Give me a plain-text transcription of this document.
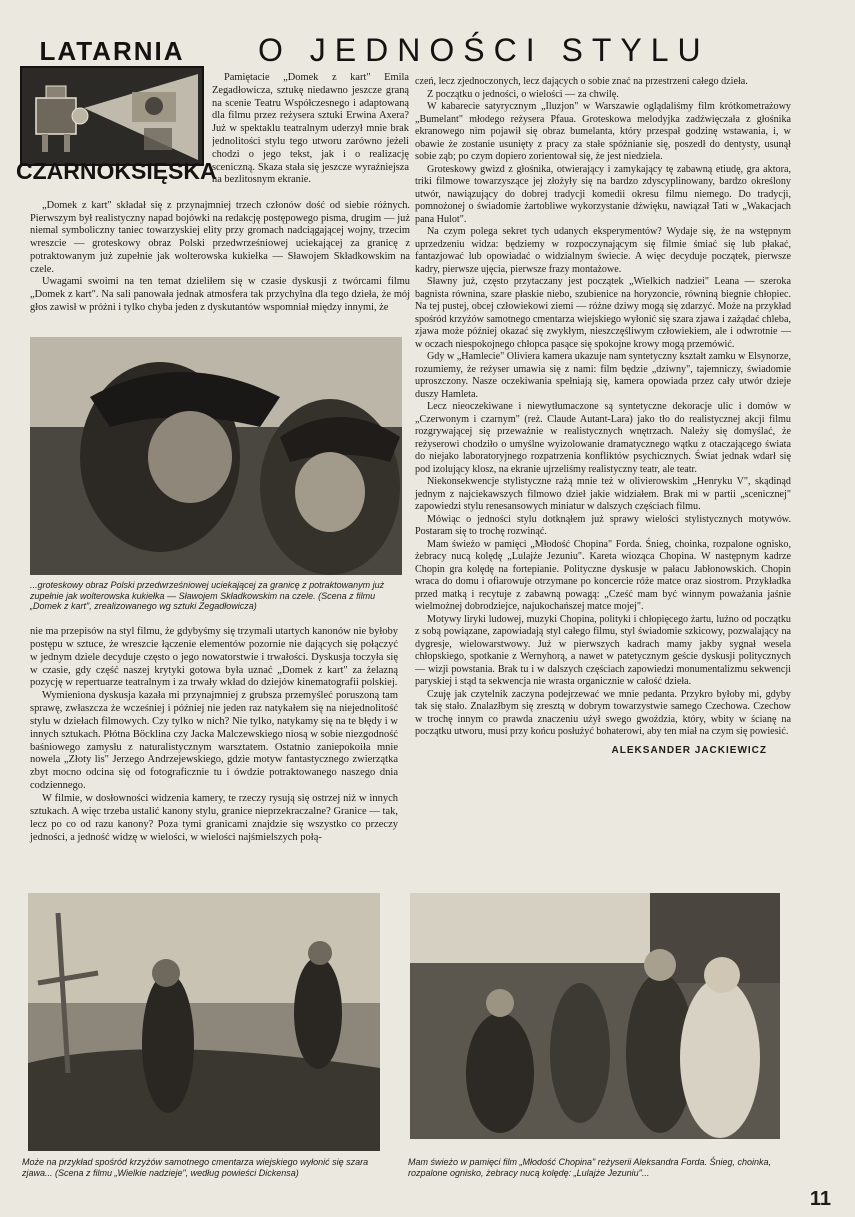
LATARNIA
CZARNOKSIĘSKA
O JEDNOŚCI STYLU

Pamiętacie „Domek z kart" Emila Zegadłowicza, sztukę niedawno jeszcze graną na scenie Teatru Współczesnego i adaptowaną dla filmu przez reżysera sztuki Erwina Axera? Już w spektaklu teatralnym uderzył mnie brak jednolitości stylu tego utworu zarówno jeżeli chodzi o jego tekst, jak i o realizację sceniczną. Skaza stała się jeszcze wyraźniejsza na bezlitosnym ekranie.

„Domek z kart" składał się z przynajmniej trzech członów dość od siebie różnych. Pierwszym był realistyczny napad bojówki na redakcję postępowego pisma, drugim — już niemal symboliczny taniec towarzyskiej elity przy gromach nadciągającej wojny, trzecim wreszcie — groteskowy obraz Polski przedwrześniowej uciekającej za granicę z potraktowanym już zupełnie jak wolterowska kukiełka — Sławojem Składkowskim na czele.

Uwagami swoimi na ten temat dzieliłem się w czasie dyskusji z twórcami filmu „Domek z kart". Na sali panowała jednak atmosfera tak przychylna dla tego dzieła, że mój głos zawisł w próżni i tylko chyba jeden z dyskutantów wspomniał między innymi, że

...groteskowy obraz Polski przedwrześniowej uciekającej za granicę z potraktowanym już zupełnie jak wolterowska kukiełka — Sławojem Składkowskim na czele. (Scena z filmu „Domek z kart", zrealizowanego wg sztuki Zegadłowicza)

nie ma przepisów na styl filmu, że gdybyśmy się trzymali utartych kanonów nie byłoby postępu w sztuce, że wreszcie łączenie elementów pozornie nie dających się połączyć w jednym dziele decyduje często o jego nowatorstwie i trwałości. Dyskusja toczyła się w czasie, gdy część naszej krytyki gotowa była uznać „Domek z kart" za żelazną pozycję w repertuarze teatralnym i za trwały wkład do dziejów kinematografii polskiej.

Wymieniona dyskusja kazała mi przynajmniej z grubsza przemyśleć poruszoną tam sprawę, zwłaszcza że wcześniej i później nie jeden raz natykałem się na niejednolitość stylu w dziełach filmowych. Czy tylko w nich? Nie tylko, natykamy się na te błędy i w innych sztukach. Płótna Böcklina czy Jacka Malczewskiego niosą w sobie niezgodność baśniowego zamysłu z naturalistycznym warsztatem. Ostatnio zaniepokoiła mnie nowela „Złoty lis" Jerzego Andrzejewskiego, gdzie motyw fantastycznego zwierzątka zbyt mocno odcina się od fotograficznie tu i ówdzie potraktowanego naszego dnia codziennego.

W filmie, w dosłowności widzenia kamery, te rzeczy rysują się ostrzej niż w innych sztukach. A więc trzeba ustalić kanony stylu, granice nieprzekraczalne? Granice — tak, lecz po co od razu kanony? Poza tymi granicami znajdzie się wszystko co przeczy jedności, a jedność widzę w wielości, w wielości najśmielszych połą-

czeń, lecz zjednoczonych, lecz dających o sobie znać na przestrzeni całego dzieła.

Z początku o jedności, o wielości — za chwilę.

W kabarecie satyrycznym „Iluzjon" w Warszawie oglądaliśmy film krótkometrażowy „Bumelant" młodego reżysera Pfaua. Groteskowa melodyjka zadźwięczała z głośnika ekranowego nim pojawił się obraz bumelanta, który przespał godzinę wstawania, i, w obawie że zostanie usunięty z pracy za stałe spóźnianie się, poszedł do dentysty, usunął sobie ząb; po czym dopiero zorientował się, że jest niedziela.

Groteskowy gwizd z głośnika, otwierający i zamykający tę zabawną etiudę, gra aktora, triki filmowe towarzyszące jej złożyły się na bardzo zdyscyplinowany, bardzo określony utwór, nawiązujący do dobrej tradycji komedii okresu filmu niemego. Do tradycji, pomnożonej o świadomie żartobliwe wykorzystanie dźwięku, nawiązał Tati w „Wakacjach pana Hulot".

Na czym polega sekret tych udanych eksperymentów? Wydaje się, że na wstępnym uprzedzeniu widza: będziemy w rozpoczynającym się filmie śmiać się lub płakać, fantazjować lub opowiadać o widzialnym świecie. A więc decyduje początek, pierwsze kadry, pierwsze ujęcia, pierwsze frazy montażowe.

Sławny już, często przytaczany jest początek „Wielkich nadziei" Leana — szeroka bagnista równina, szare płaskie niebo, szubienice na horyzoncie, równiną biegnie chłopiec. Na tej pustej, obcej człowiekowi ziemi — różne dziwy mogą się zdarzyć. Może na przykład spośród krzyżów samotnego cmentarza wiejskiego wyłonić się szara zjawa i zażądać chleba, zjawa może później okazać się zwykłym, nieszczęśliwym człowiekiem, ale i odwrotnie — w oczach niespokojnego chłopca pasące się spokojne krowy mogą przemówić.

Gdy w „Hamlecie" Oliviera kamera ukazuje nam syntetyczny kształt zamku w Elsynorze, rozumiemy, że reżyser umawia się z nami: film będzie „dziwny", tajemniczy, świadomie uproszczony. Nasze oczekiwania spełniają się, kamera opowiada przez cały utwór dzieje duszy Hamleta.

Lecz nieoczekiwane i niewytłumaczone są syntetyczne dekoracje ulic i domów w „Czerwonym i czarnym" (reż. Claude Autant-Lara) jako tło do realistycznej akcji filmu rozgrywającej się przeważnie w realistycznych wnętrzach. Należy się domyślać, że reżyserowi chodziło o umyślne wyizolowanie dramatycznego wątku z otaczającego świata do niejako laboratoryjnego rozpatrzenia konfliktów psychicznych. Świat jednak wdarł się pod izolujący klosz, na ekranie ujrzeliśmy realistyczny teatr, ale teatr.

Niekonsekwencje stylistyczne rażą mnie też w olivierowskim „Henryku V", skądinąd jednym z najciekawszych filmowo dzieł jakie widziałem. Brak mi w partii „scenicznej" zapowiedzi stylu renesansowych miniatur w dalszych częściach filmu.

Mówiąc o jedności stylu dotknąłem już sprawy wielości stylistycznych motywów. Postaram się to trochę rozwinąć.

Mam świeżo w pamięci „Młodość Chopina" Forda. Śnieg, choinka, rozpalone ognisko, żebracy nucą kolędę „Lulajże Jezuniu". Kareta wioząca Chopina. W następnym kadrze Chopin gra kolędę na fortepianie. Polityczne dyskusje w pałacu Jabłonowskich. Chopin wraca do domu i ofiarowuje otrzymane po koncercie róże matce oraz siostrom. Przykładka przed matką i recytuje z zabawną powagą: „Cześć mam być winnym poważania jaśnie wielmożnej dobrodziejce, najukochańszej matce mojej".

Motywy liryki ludowej, muzyki Chopina, polityki i chłopięcego żartu, luźno od początku z sobą powiązane, zapowiadają styl całego filmu, styl świadomie szkicowy, pozwalający na dygresje, wielowarstwowy. Już w pierwszych kadrach mamy jakby sygnał wesela chłopskiego, spotkanie z Wernyhorą, a nawet w patetycznym geście dyskusji politycznych — wizji powstania. Brak tu i w dalszych częściach zapowiedzi monumentalizmu sekwencji paryskiej i stąd ta sekwencja nie wrasta organicznie w całość dzieła.

Czuję jak czytelnik zaczyna podejrzewać we mnie pedanta. Przykro byłoby mi, gdyby tak się stało. Znalazłbym się zresztą w dobrym towarzystwie samego Czechowa. Czechow w trochę innym co prawda znaczeniu użył swego gwoździa, który, wbity w ścianę na początku utworu, musi przy końcu posłużyć bohaterowi, aby ten miał na czym się powiesić.

ALEKSANDER JACKIEWICZ
Może na przykład spośród krzyżów samotnego cmentarza wiejskiego wyłonić się szara zjawa... (Scena z filmu „Wielkie nadzieje", według powieści Dickensa)
Mam świeżo w pamięci film „Młodość Chopina" reżyserii Aleksandra Forda. Śnieg, choinka, rozpalone ognisko, żebracy nucą kolędę: „Lulajże Jezuniu"...
11
